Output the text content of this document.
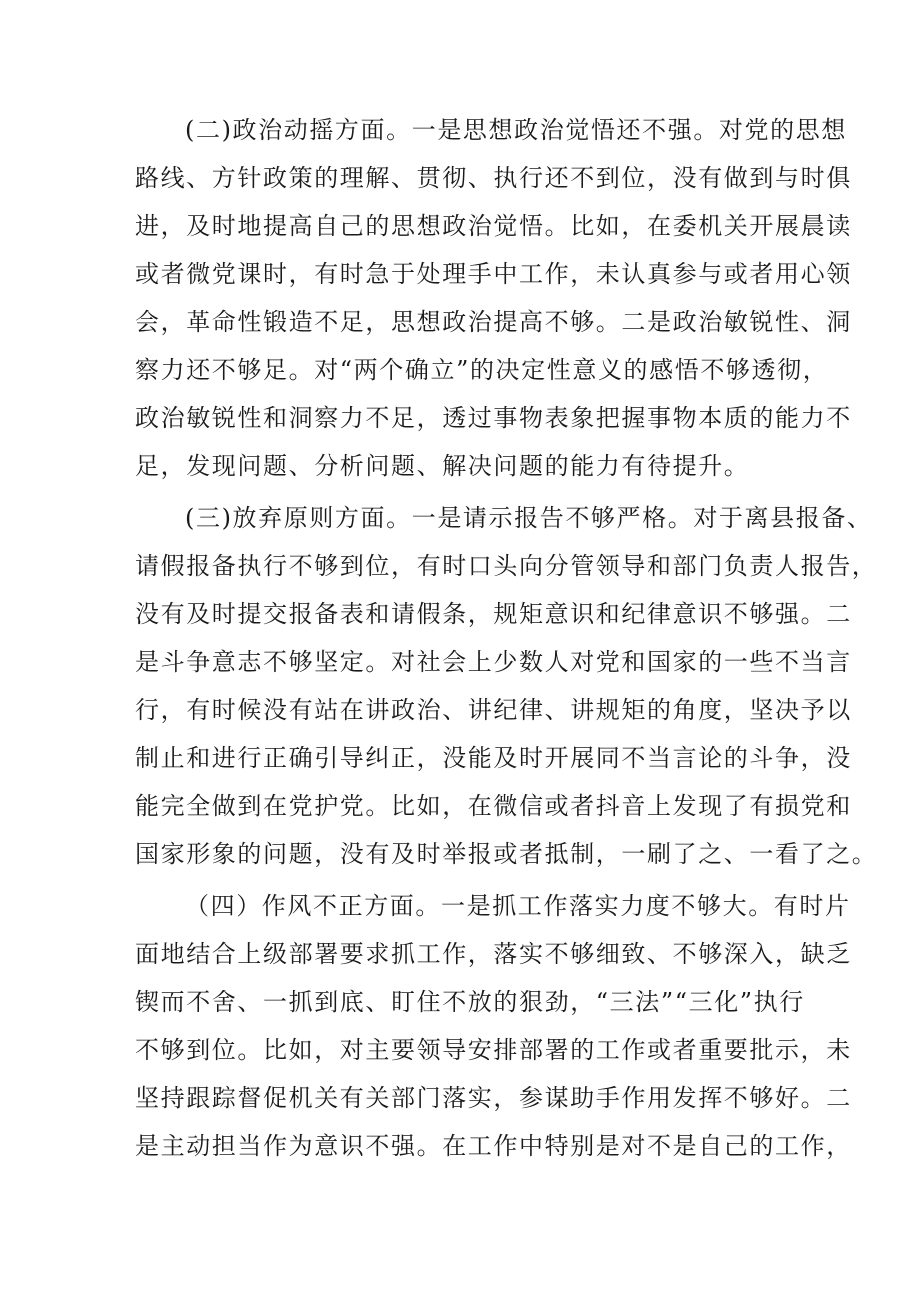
(二)政治动摇方面。一是思想政治觉悟还不强。对党的思想
路线、方针政策的理解、贯彻、执行还不到位，没有做到与时俱
进，及时地提高自己的思想政治觉悟。比如，在委机关开展晨读
或者微党课时，有时急于处理手中工作，未认真参与或者用心领
会，革命性锻造不足，思想政治提高不够。二是政治敏锐性、洞
察力还不够足。对“两个确立”的决定性意义的感悟不够透彻，
政治敏锐性和洞察力不足，透过事物表象把握事物本质的能力不
足，发现问题、分析问题、解决问题的能力有待提升。
(三)放弃原则方面。一是请示报告不够严格。对于离县报备、
请假报备执行不够到位，有时口头向分管领导和部门负责人报告，
没有及时提交报备表和请假条，规矩意识和纪律意识不够强。二
是斗争意志不够坚定。对社会上少数人对党和国家的一些不当言
行，有时候没有站在讲政治、讲纪律、讲规矩的角度，坚决予以
制止和进行正确引导纠正，没能及时开展同不当言论的斗争，没
能完全做到在党护党。比如，在微信或者抖音上发现了有损党和
国家形象的问题，没有及时举报或者抵制，一刷了之、一看了之。
（四）作风不正方面。一是抓工作落实力度不够大。有时片
面地结合上级部署要求抓工作，落实不够细致、不够深入，缺乏
锲而不舍、一抓到底、盯住不放的狠劲，“三法”“三化”执行
不够到位。比如，对主要领导安排部署的工作或者重要批示，未
坚持跟踪督促机关有关部门落实，参谋助手作用发挥不够好。二
是主动担当作为意识不强。在工作中特别是对不是自己的工作，
